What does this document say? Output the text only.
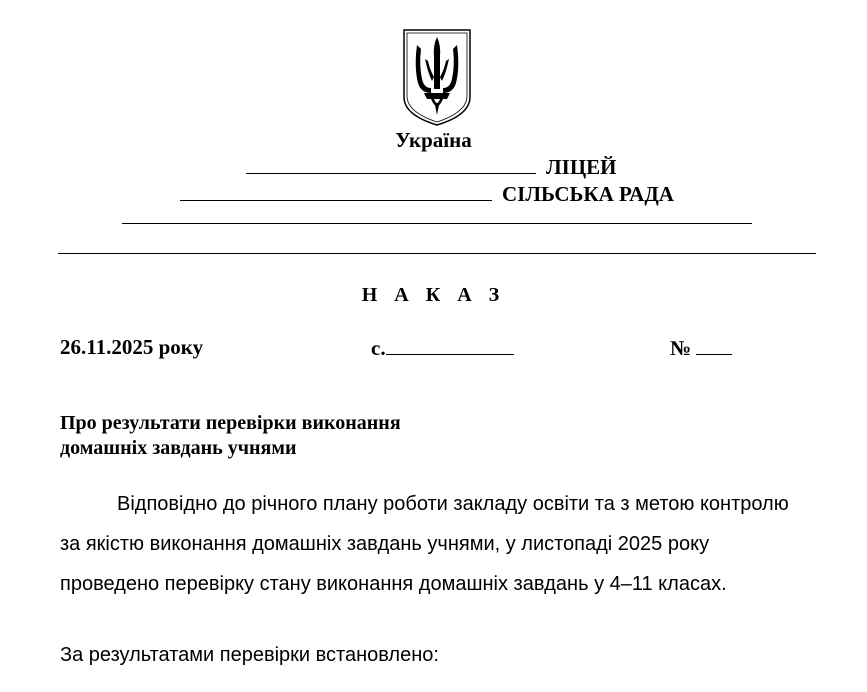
Україна
ЛІЦЕЙ
СІЛЬСЬКА РАДА
Н А К А З
26.11.2025 року	с.	№
Про результати перевірки виконання
домашніх завдань учнями

Відповідно до річного плану роботи закладу освіти та з метою контролю за якістю виконання домашніх завдань учнями, у листопаді 2025 року проведено перевірку стану виконання домашніх завдань у 4–11 класах.

За результатами перевірки встановлено:
